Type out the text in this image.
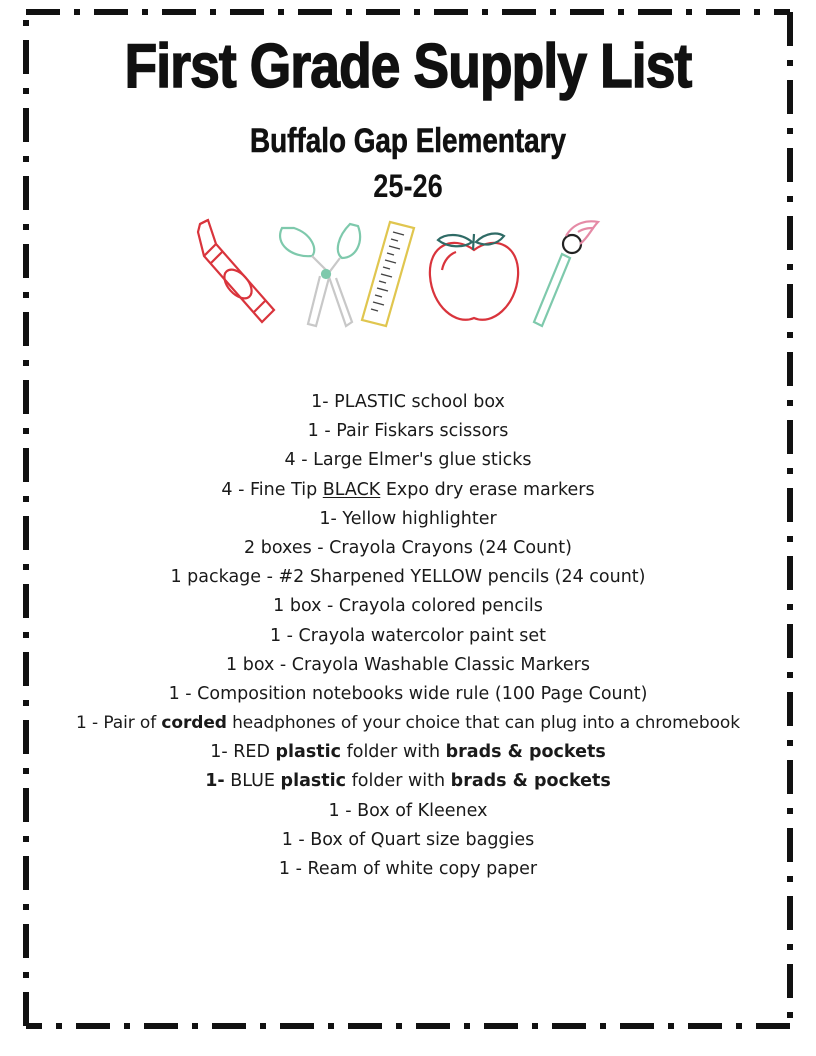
First Grade Supply List
Buffalo Gap Elementary
25-26
1- PLASTIC school box
1 - Pair Fiskars scissors
4 - Large Elmer's glue sticks
4 - Fine Tip BLACK Expo dry erase markers
1- Yellow highlighter
2 boxes - Crayola Crayons (24 Count)
1 package - #2 Sharpened YELLOW pencils (24 count)
1 box - Crayola colored pencils
1 - Crayola watercolor paint set
1 box - Crayola Washable Classic Markers
1 - Composition notebooks wide rule (100 Page Count)
1 - Pair of corded headphones of your choice that can plug into a chromebook
1- RED plastic folder with brads & pockets
1- BLUE plastic folder with brads & pockets
1 - Box of Kleenex
1 - Box of Quart size baggies
1 - Ream of white copy paper
